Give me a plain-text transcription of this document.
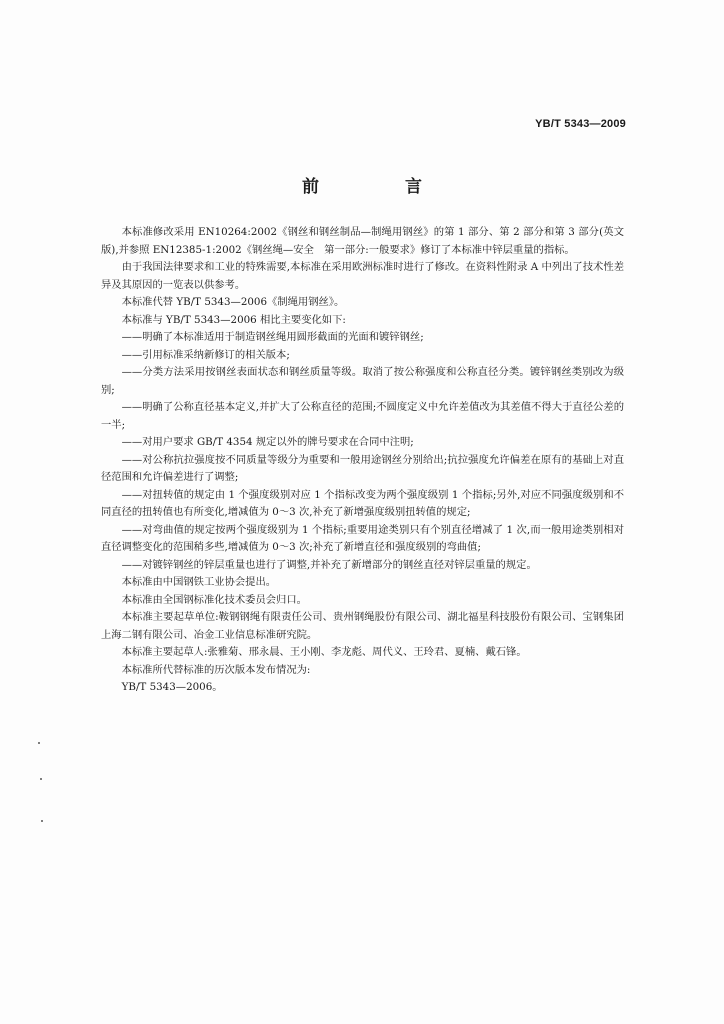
YB/T 5343—2009
前 言

本标准修改采用 EN10264:2002《钢丝和钢丝制品—制绳用钢丝》的第 1 部分、第 2 部分和第 3 部分(英文版),并参照 EN12385-1:2002《钢丝绳—安全　第一部分:一般要求》修订了本标准中锌层重量的指标。

由于我国法律要求和工业的特殊需要,本标准在采用欧洲标准时进行了修改。在资料性附录 A 中列出了技术性差异及其原因的一览表以供参考。

本标准代替 YB/T 5343—2006《制绳用钢丝》。

本标准与 YB/T 5343—2006 相比主要变化如下:

——明确了本标准适用于制造钢丝绳用圆形截面的光面和镀锌钢丝;

——引用标准采纳新修订的相关版本;

——分类方法采用按钢丝表面状态和钢丝质量等级。取消了按公称强度和公称直径分类。镀锌钢丝类别改为级别;

——明确了公称直径基本定义,并扩大了公称直径的范围;不圆度定义中允许差值改为其差值不得大于直径公差的一半;

——对用户要求 GB/T 4354 规定以外的牌号要求在合同中注明;

——对公称抗拉强度按不同质量等级分为重要和一般用途钢丝分别给出;抗拉强度允许偏差在原有的基础上对直径范围和允许偏差进行了调整;

——对扭转值的规定由 1 个强度级别对应 1 个指标改变为两个强度级别 1 个指标;另外,对应不同强度级别和不同直径的扭转值也有所变化,增减值为 0～3 次,补充了新增强度级别扭转值的规定;

——对弯曲值的规定按两个强度级别为 1 个指标;重要用途类别只有个别直径增减了 1 次,而一般用途类别相对直径调整变化的范围稍多些,增减值为 0～3 次;补充了新增直径和强度级别的弯曲值;

——对镀锌钢丝的锌层重量也进行了调整,并补充了新增部分的钢丝直径对锌层重量的规定。

本标准由中国钢铁工业协会提出。

本标准由全国钢标准化技术委员会归口。

本标准主要起草单位:鞍钢钢绳有限责任公司、贵州钢绳股份有限公司、湖北福星科技股份有限公司、宝钢集团上海二钢有限公司、冶金工业信息标准研究院。

本标准主要起草人:张雅菊、邢永晨、王小刚、李龙彪、周代义、王玲君、夏楠、戴石锋。

本标准所代替标准的历次版本发布情况为:

YB/T 5343—2006。
